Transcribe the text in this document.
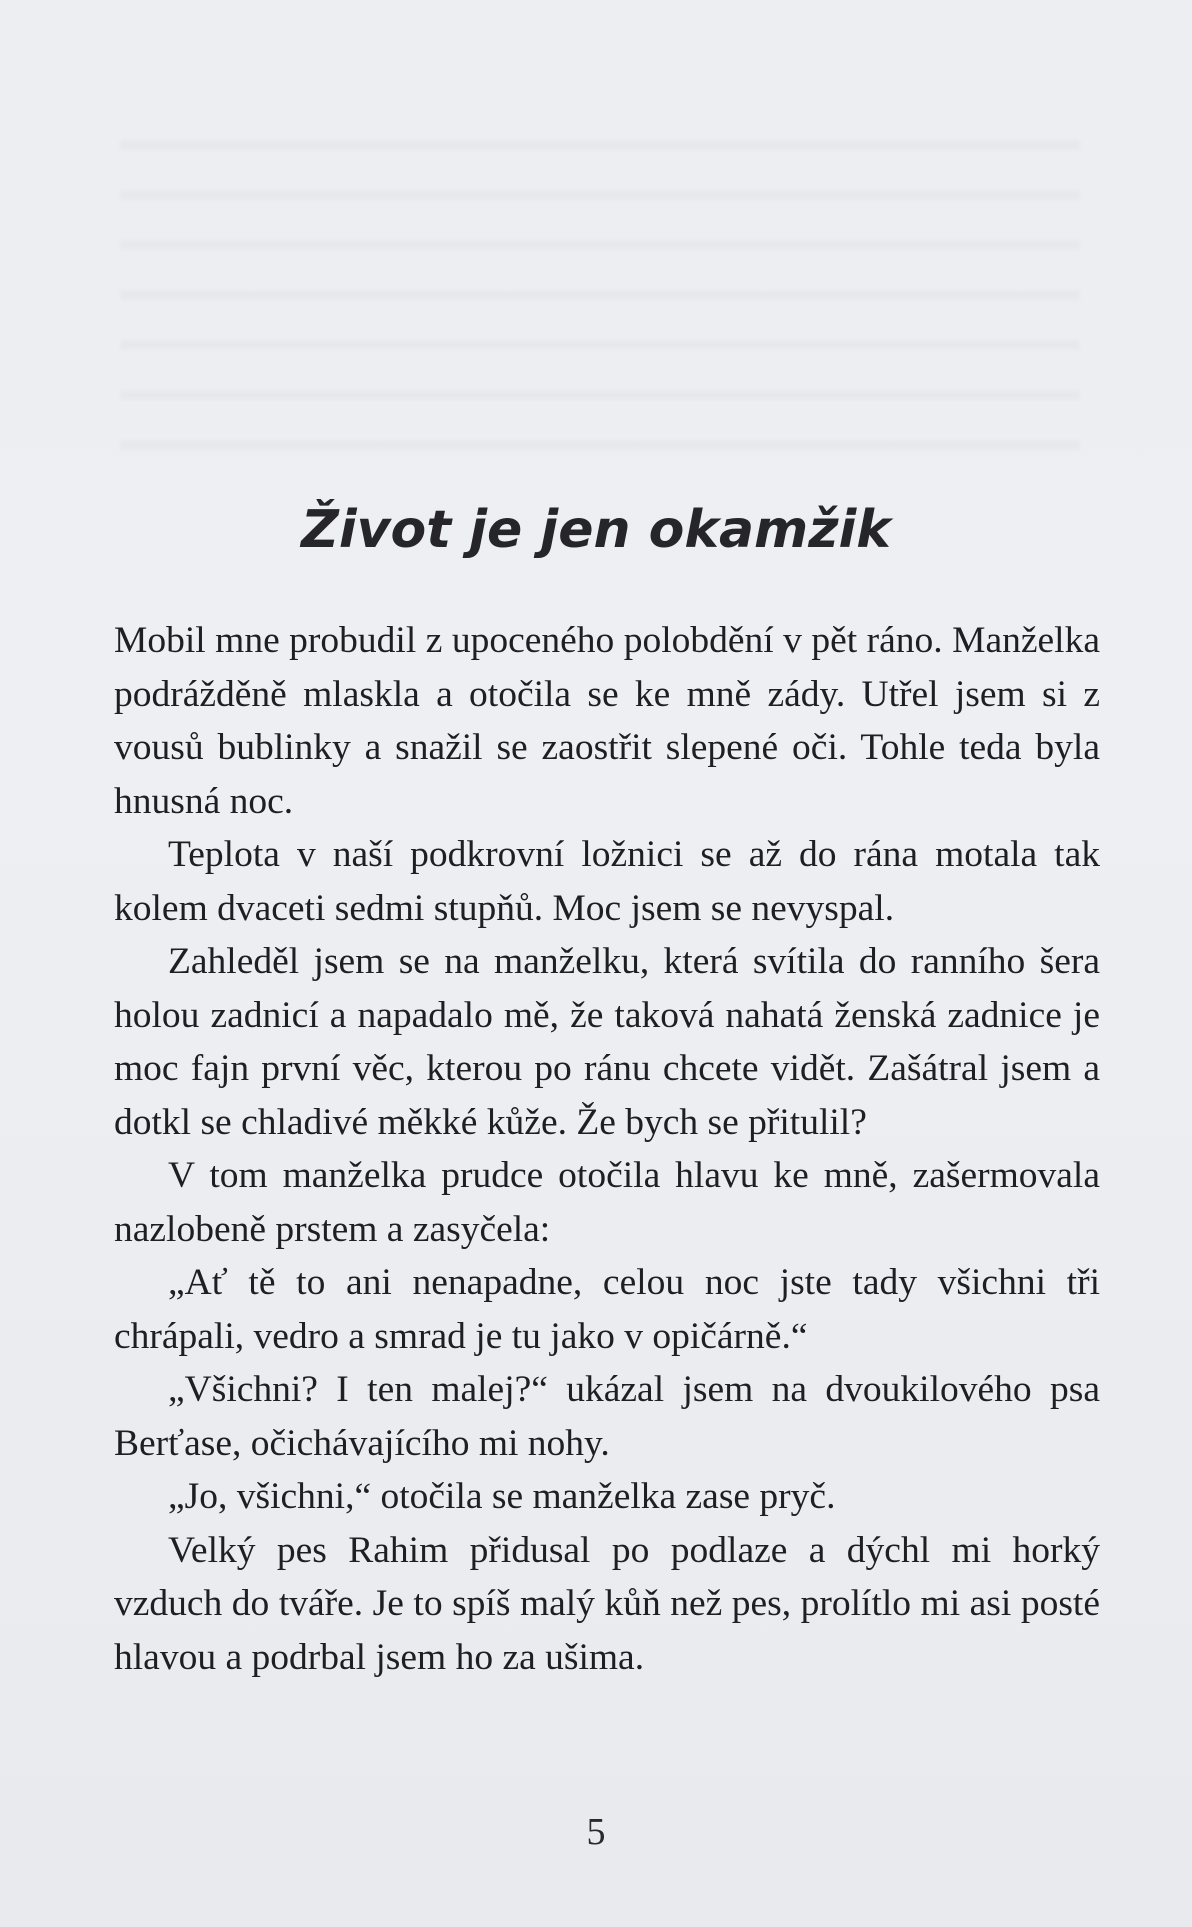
Život je jen okamžik

Mobil mne probudil z upoceného polobdění v pět ráno. Manželka podrážděně mlaskla a otočila se ke mně zády. Utřel jsem si z vousů bublinky a snažil se zaostřit slepené oči. Tohle teda byla hnusná noc.

Teplota v naší podkrovní ložnici se až do rána motala tak kolem dvaceti sedmi stupňů. Moc jsem se nevyspal.

Zahleděl jsem se na manželku, která svítila do ranního šera holou zadnicí a napadalo mě, že taková nahatá ženská zadnice je moc fajn první věc, kterou po ránu chcete vidět. Zašátral jsem a dotkl se chladivé měkké kůže. Že bych se přitulil?

V tom manželka prudce otočila hlavu ke mně, zašermovala nazlobeně prstem a zasyčela:

„Ať tě to ani nenapadne, celou noc jste tady všichni tři chrápali, vedro a smrad je tu jako v opičárně.“

„Všichni? I ten malej?“ ukázal jsem na dvoukilového psa Berťase, očichávajícího mi nohy.

„Jo, všichni,“ otočila se manželka zase pryč.

Velký pes Rahim přidusal po podlaze a dýchl mi horký vzduch do tváře. Je to spíš malý kůň než pes, prolítlo mi asi posté hlavou a podrbal jsem ho za ušima.

5
